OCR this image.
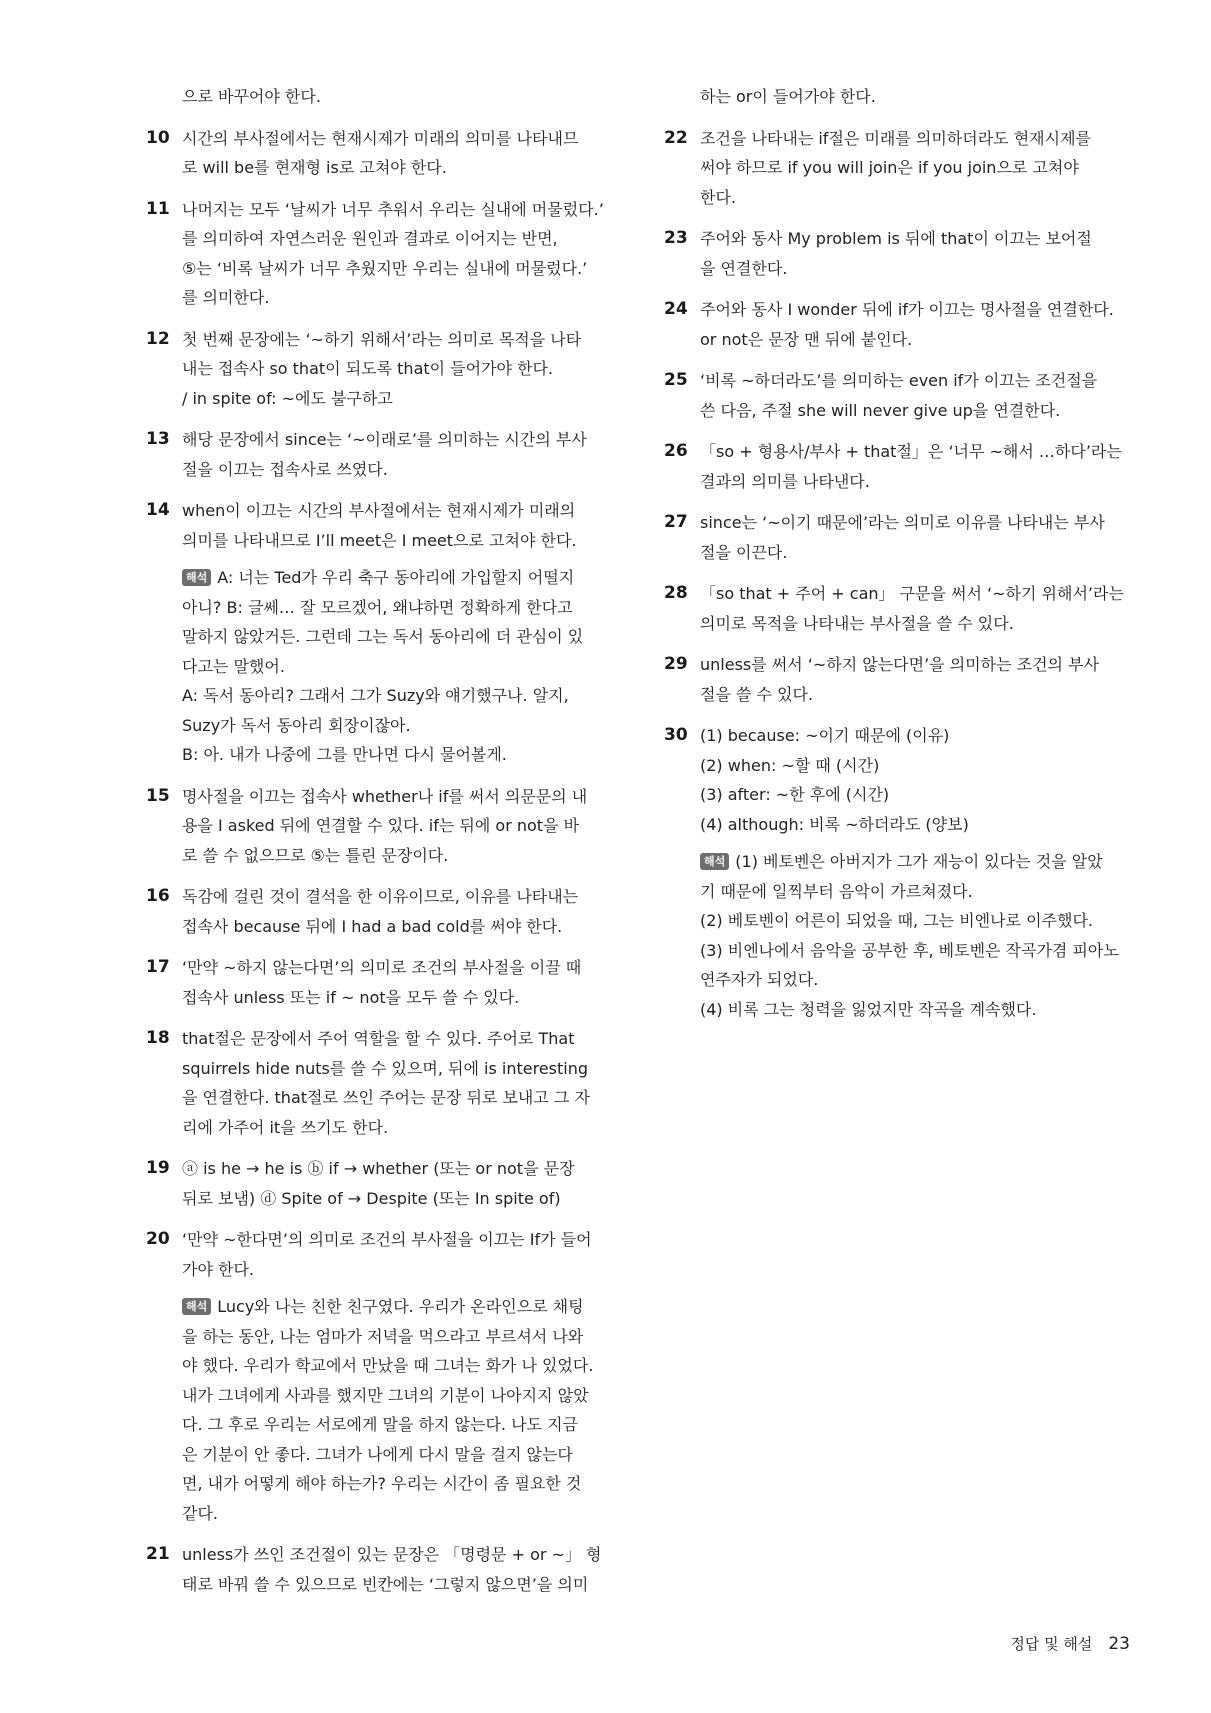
으로 바꾸어야 한다.
10 시간의 부사절에서는 현재시제가 미래의 의미를 나타내므
로 will be를 현재형 is로 고쳐야 한다.
11 나머지는 모두 ‘날씨가 너무 추워서 우리는 실내에 머물렀다.’
를 의미하여 자연스러운 원인과 결과로 이어지는 반면,
⑤는 ‘비록 날씨가 너무 추웠지만 우리는 실내에 머물렀다.’
를 의미한다.
12 첫 번째 문장에는 ‘~하기 위해서’라는 의미로 목적을 나타
내는 접속사 so that이 되도록 that이 들어가야 한다.
/ in spite of: ~에도 불구하고
13 해당 문장에서 since는 ‘~이래로’를 의미하는 시간의 부사
절을 이끄는 접속사로 쓰였다.
14 when이 이끄는 시간의 부사절에서는 현재시제가 미래의
의미를 나타내므로 I’ll meet은 I meet으로 고쳐야 한다.
해석 A: 너는 Ted가 우리 축구 동아리에 가입할지 어떨지
아니? B: 글쎄… 잘 모르겠어, 왜냐하면 정확하게 한다고
말하지 않았거든. 그런데 그는 독서 동아리에 더 관심이 있
다고는 말했어.
A: 독서 동아리? 그래서 그가 Suzy와 얘기했구나. 알지,
Suzy가 독서 동아리 회장이잖아.
B: 아. 내가 나중에 그를 만나면 다시 물어볼게.
15 명사절을 이끄는 접속사 whether나 if를 써서 의문문의 내
용을 I asked 뒤에 연결할 수 있다. if는 뒤에 or not을 바
로 쓸 수 없으므로 ⑤는 틀린 문장이다.
16 독감에 걸린 것이 결석을 한 이유이므로, 이유를 나타내는
접속사 because 뒤에 I had a bad cold를 써야 한다.
17 ‘만약 ~하지 않는다면’의 의미로 조건의 부사절을 이끌 때
접속사 unless 또는 if ~ not을 모두 쓸 수 있다.
18 that절은 문장에서 주어 역할을 할 수 있다. 주어로 That
squirrels hide nuts를 쓸 수 있으며, 뒤에 is interesting
을 연결한다. that절로 쓰인 주어는 문장 뒤로 보내고 그 자
리에 가주어 it을 쓰기도 한다.
19 ⓐ is he → he is ⓑ if → whether (또는 or not을 문장
뒤로 보냄) ⓓ Spite of → Despite (또는 In spite of)
20 ‘만약 ~한다면’의 의미로 조건의 부사절을 이끄는 If가 들어
가야 한다.
해석 Lucy와 나는 친한 친구였다. 우리가 온라인으로 채팅
을 하는 동안, 나는 엄마가 저녁을 먹으라고 부르셔서 나와
야 했다. 우리가 학교에서 만났을 때 그녀는 화가 나 있었다.
내가 그녀에게 사과를 했지만 그녀의 기분이 나아지지 않았
다. 그 후로 우리는 서로에게 말을 하지 않는다. 나도 지금
은 기분이 안 좋다. 그녀가 나에게 다시 말을 걸지 않는다
면, 내가 어떻게 해야 하는가? 우리는 시간이 좀 필요한 것
같다.
21 unless가 쓰인 조건절이 있는 문장은 「명령문 + or ~」 형
태로 바꿔 쓸 수 있으므로 빈칸에는 ‘그렇지 않으면’을 의미
하는 or이 들어가야 한다.
22 조건을 나타내는 if절은 미래를 의미하더라도 현재시제를
써야 하므로 if you will join은 if you join으로 고쳐야
한다.
23 주어와 동사 My problem is 뒤에 that이 이끄는 보어절
을 연결한다.
24 주어와 동사 I wonder 뒤에 if가 이끄는 명사절을 연결한다.
or not은 문장 맨 뒤에 붙인다.
25 ‘비록 ~하더라도’를 의미하는 even if가 이끄는 조건절을
쓴 다음, 주절 she will never give up을 연결한다.
26 「so + 형용사/부사 + that절」은 ‘너무 ~해서 …하다’라는
결과의 의미를 나타낸다.
27 since는 ‘~이기 때문에’라는 의미로 이유를 나타내는 부사
절을 이끈다.
28 「so that + 주어 + can」 구문을 써서 ‘~하기 위해서’라는
의미로 목적을 나타내는 부사절을 쓸 수 있다.
29 unless를 써서 ‘~하지 않는다면’을 의미하는 조건의 부사
절을 쓸 수 있다.
30 (1) because: ~이기 때문에 (이유)
(2) when: ~할 때 (시간)
(3) after: ~한 후에 (시간)
(4) although: 비록 ~하더라도 (양보)
해석 (1) 베토벤은 아버지가 그가 재능이 있다는 것을 알았
기 때문에 일찍부터 음악이 가르쳐졌다.
(2) 베토벤이 어른이 되었을 때, 그는 비엔나로 이주했다.
(3) 비엔나에서 음악을 공부한 후, 베토벤은 작곡가겸 피아노
연주자가 되었다.
(4) 비록 그는 청력을 잃었지만 작곡을 계속했다.
정답 및 해설 23
